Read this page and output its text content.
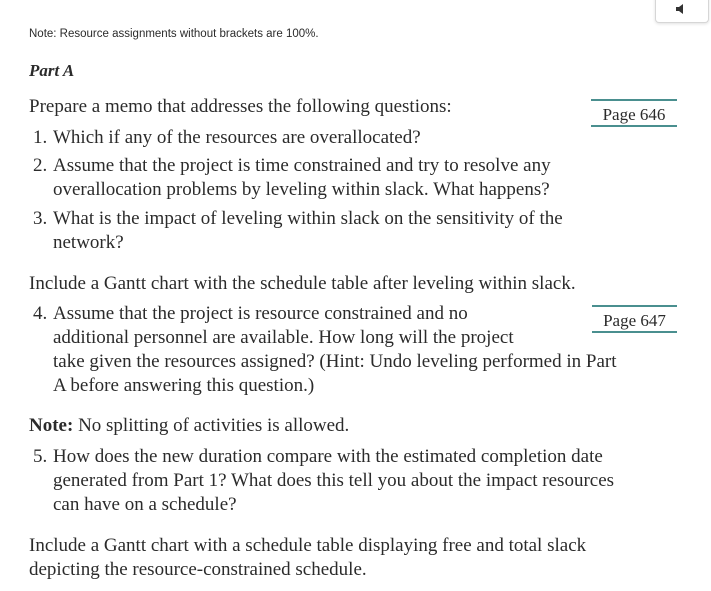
Note: Resource assignments without brackets are 100%.
Part A
Prepare a memo that addresses the following questions:	Page 646
1. Which if any of the resources are overallocated?
2. Assume that the project is time constrained and try to resolve any
overallocation problems by leveling within slack. What happens?
3. What is the impact of leveling within slack on the sensitivity of the
network?
Include a Gantt chart with the schedule table after leveling within slack.
Page 647
4. Assume that the project is resource constrained and no
additional personnel are available. How long will the project
take given the resources assigned? (Hint: Undo leveling performed in Part
A before answering this question.)
Note: No splitting of activities is allowed.
5. How does the new duration compare with the estimated completion date
generated from Part 1? What does this tell you about the impact resources
can have on a schedule?
Include a Gantt chart with a schedule table displaying free and total slack
depicting the resource-constrained schedule.
